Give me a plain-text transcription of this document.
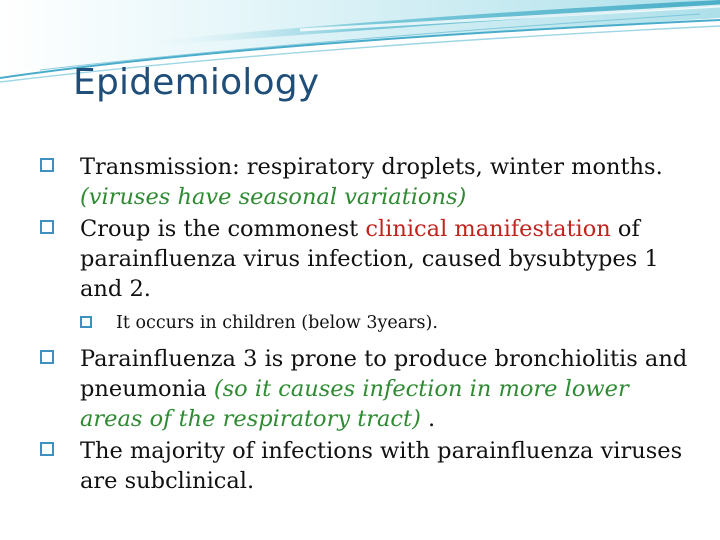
Epidemiology
Transmission: respiratory droplets, winter months. (viruses have seasonal variations)
Croup is the commonest clinical manifestation of parainfluenza virus infection, caused bysubtypes 1 and 2.
It occurs in children (below 3years).
Parainfluenza 3 is prone to produce bronchiolitis and pneumonia (so it causes infection in more lower areas of the respiratory tract) .
The majority of infections with parainfluenza viruses are subclinical.
